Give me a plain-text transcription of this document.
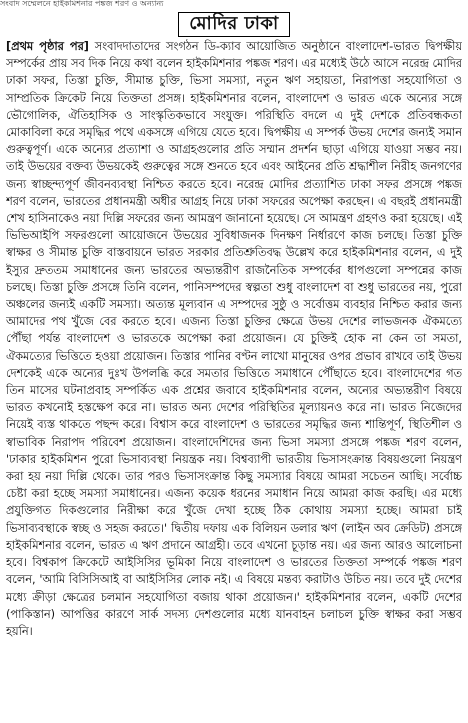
সংবাদ সম্মেলনে হাইকমিশনার পঙ্কজ শরণ ও অন্যান্য
মোদির ঢাকা

[প্রথম পৃষ্ঠার পর] সংবাদদাতাদের সংগঠন ডি-ক্যাব আয়োজিত অনুষ্ঠানে বাংলাদেশ-ভারত দ্বিপক্ষীয় সম্পর্কের প্রায় সব দিক নিয়ে কথা বলেন হাইকমিশনার পঙ্কজ শরণ। এর মধ্যেই উঠে আসে নরেন্দ্র মোদির ঢাকা সফর, তিস্তা চুক্তি, সীমান্ত চুক্তি, ভিসা সমস্যা, নতুন ঋণ সহায়তা, নিরাপত্তা সহযোগিতা ও সাম্প্রতিক ক্রিকেট নিয়ে তিক্ততা প্রসঙ্গ। হাইকমিশনার বলেন, বাংলাদেশ ও ভারত একে অন্যের সঙ্গে ভৌগোলিক, ঐতিহাসিক ও সাংস্কৃতিকভাবে সংযুক্ত। পরিস্থিতি বদলে এ দুই দেশকে প্রতিবন্ধকতা মোকাবিলা করে সমৃদ্ধির পথে একসঙ্গে এগিয়ে যেতে হবে। দ্বিপক্ষীয় এ সম্পর্ক উভয় দেশের জন্যই সমান গুরুত্বপূর্ণ। একে অন্যের প্রত্যাশা ও আগ্রহগুলোর প্রতি সম্মান প্রদর্শন ছাড়া এগিয়ে যাওয়া সম্ভব নয়। তাই উভয়ের বক্তব্য উভয়কেই গুরুত্বের সঙ্গে শুনতে হবে এবং আইনের প্রতি শ্রদ্ধাশীল নিরীহ জনগণের জন্য স্বাচ্ছন্দ্যপূর্ণ জীবনব্যবস্থা নিশ্চিত করতে হবে। নরেন্দ্র মোদির প্রত্যাশিত ঢাকা সফর প্রসঙ্গে পঙ্কজ শরণ বলেন, ভারতের প্রধানমন্ত্রী অধীর আগ্রহ নিয়ে ঢাকা সফরের অপেক্ষা করছেন। এ বছরই প্রধানমন্ত্রী শেখ হাসিনাকেও নয়া দিল্লি সফরের জন্য আমন্ত্রণ জানানো হয়েছে। সে আমন্ত্রণ গ্রহণও করা হয়েছে। এই ভিভিআইপি সফরগুলো আয়োজনে উভয়ের সুবিধাজনক দিনক্ষণ নির্ধারণে কাজ চলছে। তিস্তা চুক্তি স্বাক্ষর ও সীমান্ত চুক্তি বাস্তবায়নে ভারত সরকার প্রতিশ্রুতিবদ্ধ উল্লেখ করে হাইকমিশনার বলেন, এ দুই ইস্যুর দ্রুততম সমাধানের জন্য ভারতের অভ্যন্তরীণ রাজনৈতিক সম্পর্কের ধাপগুলো সম্পন্নের কাজ চলছে। তিস্তা চুক্তি প্রসঙ্গে তিনি বলেন, পানিসম্পদের স্বল্পতা শুধু বাংলাদেশ বা শুধু ভারতের নয়, পুরো অঞ্চলের জন্যই একটি সমস্যা। অত্যন্ত মূল্যবান এ সম্পদের সুষ্ঠু ও সর্বোত্তম ব্যবহার নিশ্চিত করার জন্য আমাদের পথ খুঁজে বের করতে হবে। এজন্য তিস্তা চুক্তির ক্ষেত্রে উভয় দেশের লাভজনক ঐকমত্যে পৌঁছা পর্যন্ত বাংলাদেশ ও ভারতকে অপেক্ষা করা প্রয়োজন। যে চুক্তিই হোক না কেন তা সমতা, ঐকমত্যের ভিত্তিতে হওয়া প্রয়োজন। তিস্তার পানির বণ্টন লাখো মানুষের ওপর প্রভাব রাখবে তাই উভয় দেশকেই একে অন্যের দুঃখ উপলব্ধি করে সমতার ভিত্তিতে সমাধানে পৌঁছাতে হবে। বাংলাদেশের গত তিন মাসের ঘটনাপ্রবাহ সম্পর্কিত এক প্রশ্নের জবাবে হাইকমিশনার বলেন, অন্যের অভ্যন্তরীণ বিষয়ে ভারত কখনোই হস্তক্ষেপ করে না। ভারত অন্য দেশের পরিস্থিতির মূল্যায়নও করে না। ভারত নিজেদের নিয়েই ব্যস্ত থাকতে পছন্দ করে। বিশ্বাস করে বাংলাদেশ ও ভারতের সমৃদ্ধির জন্য শান্তিপূর্ণ, স্থিতিশীল ও স্বাভাবিক নিরাপদ পরিবেশ প্রয়োজন। বাংলাদেশিদের জন্য ভিসা সমস্যা প্রসঙ্গে পঙ্কজ শরণ বলেন, 'ঢাকার হাইকমিশন পুরো ভিসাব্যবস্থা নিয়ন্ত্রক নয়। বিশ্বব্যাপী ভারতীয় ভিসাসংক্রান্ত বিষয়গুলো নিয়ন্ত্রণ করা হয় নয়া দিল্লি থেকে। তার পরও ভিসাসংক্রান্ত কিছু সমস্যার বিষয়ে আমরা সচেতন আছি। সর্বোচ্চ চেষ্টা করা হচ্ছে সমস্যা সমাধানের। এজন্য কয়েক ধরনের সমাধান নিয়ে আমরা কাজ করছি। এর মধ্যে প্রযুক্তিগত দিকগুলোর নিরীক্ষা করে খুঁজে দেখা হচ্ছে ঠিক কোথায় সমস্যা হচ্ছে। আমরা চাই ভিসাব্যবস্থাকে স্বচ্ছ ও সহজ করতে।' দ্বিতীয় দফায় এক বিলিয়ন ডলার ঋণ (লাইন অব ক্রেডিট) প্রসঙ্গে হাইকমিশনার বলেন, ভারত এ ঋণ প্রদানে আগ্রহী। তবে এখনো চূড়ান্ত নয়। এর জন্য আরও আলোচনা হবে। বিশ্বকাপ ক্রিকেটে আইসিসির ভূমিকা নিয়ে বাংলাদেশ ও ভারতের তিক্ততা সম্পর্কে পঙ্কজ শরণ বলেন, 'আমি বিসিসিআই বা আইসিসির লোক নই। এ বিষয়ে মন্তব্য করাটাও উচিত নয়। তবে দুই দেশের মধ্যে ক্রীড়া ক্ষেত্রের চলমান সহযোগিতা বজায় থাকা প্রয়োজন।' হাইকমিশনার বলেন, একটি দেশের (পাকিস্তান) আপত্তির কারণে সার্ক সদস্য দেশগুলোর মধ্যে যানবাহন চলাচল চুক্তি স্বাক্ষর করা সম্ভব হয়নি।
